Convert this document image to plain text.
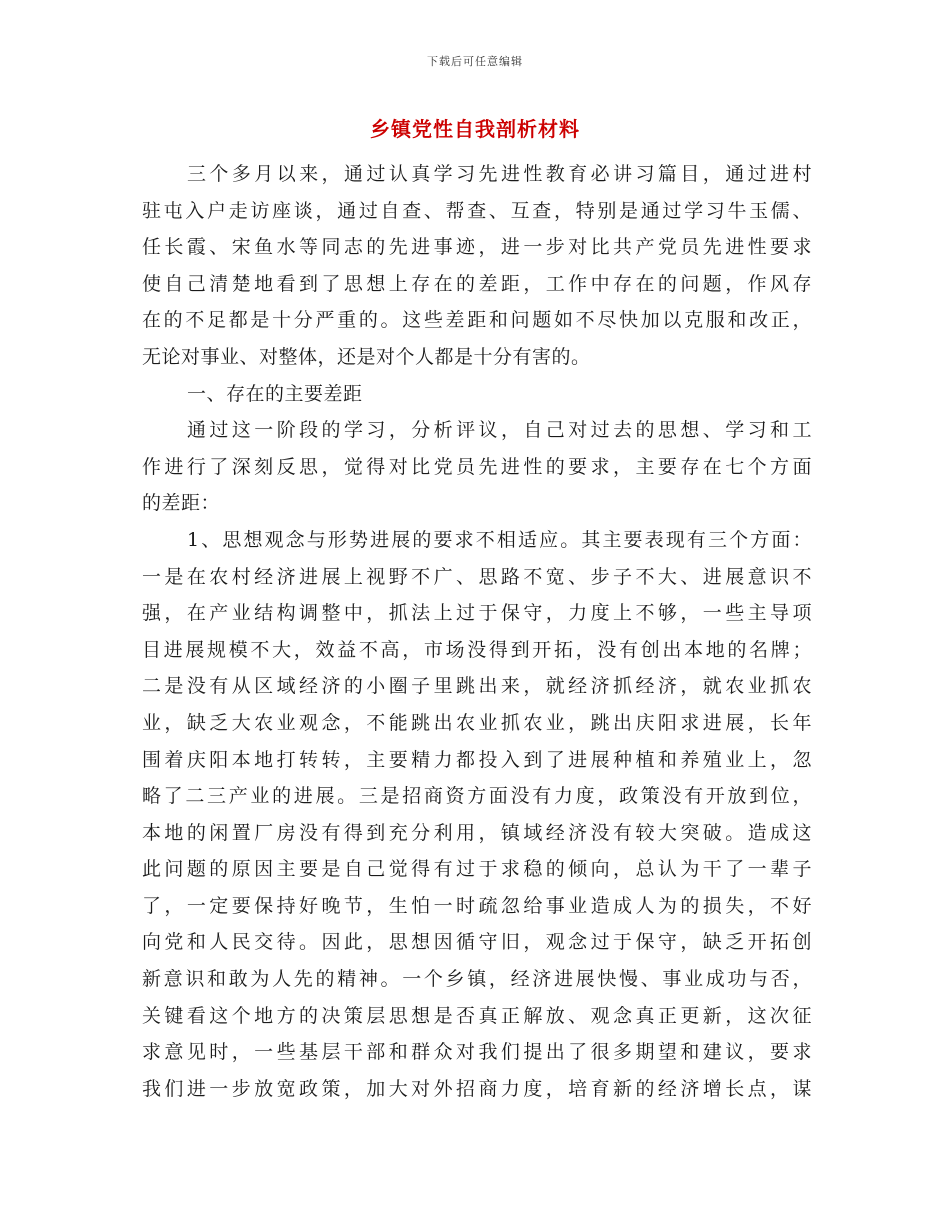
下载后可任意编辑
乡镇党性自我剖析材料
三个多月以来，通过认真学习先进性教育必讲习篇目，通过进村
驻屯入户走访座谈，通过自查、帮查、互查，特别是通过学习牛玉儒、
任长霞、宋鱼水等同志的先进事迹，进一步对比共产党员先进性要求
使自己清楚地看到了思想上存在的差距，工作中存在的问题，作风存
在的不足都是十分严重的。这些差距和问题如不尽快加以克服和改正，
无论对事业、对整体，还是对个人都是十分有害的。
一、存在的主要差距
通过这一阶段的学习，分析评议，自己对过去的思想、学习和工
作进行了深刻反思，觉得对比党员先进性的要求，主要存在七个方面
的差距：
1、思想观念与形势进展的要求不相适应。其主要表现有三个方面：
一是在农村经济进展上视野不广、思路不宽、步子不大、进展意识不
强，在产业结构调整中，抓法上过于保守，力度上不够，一些主导项
目进展规模不大，效益不高，市场没得到开拓，没有创出本地的名牌；
二是没有从区域经济的小圈子里跳出来，就经济抓经济，就农业抓农
业，缺乏大农业观念，不能跳出农业抓农业，跳出庆阳求进展，长年
围着庆阳本地打转转，主要精力都投入到了进展种植和养殖业上，忽
略了二三产业的进展。三是招商资方面没有力度，政策没有开放到位，
本地的闲置厂房没有得到充分利用，镇域经济没有较大突破。造成这
此问题的原因主要是自己觉得有过于求稳的倾向，总认为干了一辈子
了，一定要保持好晚节，生怕一时疏忽给事业造成人为的损失，不好
向党和人民交待。因此，思想因循守旧，观念过于保守，缺乏开拓创
新意识和敢为人先的精神。一个乡镇，经济进展快慢、事业成功与否，
关键看这个地方的决策层思想是否真正解放、观念真正更新，这次征
求意见时，一些基层干部和群众对我们提出了很多期望和建议，要求
我们进一步放宽政策，加大对外招商力度，培育新的经济增长点，谋
